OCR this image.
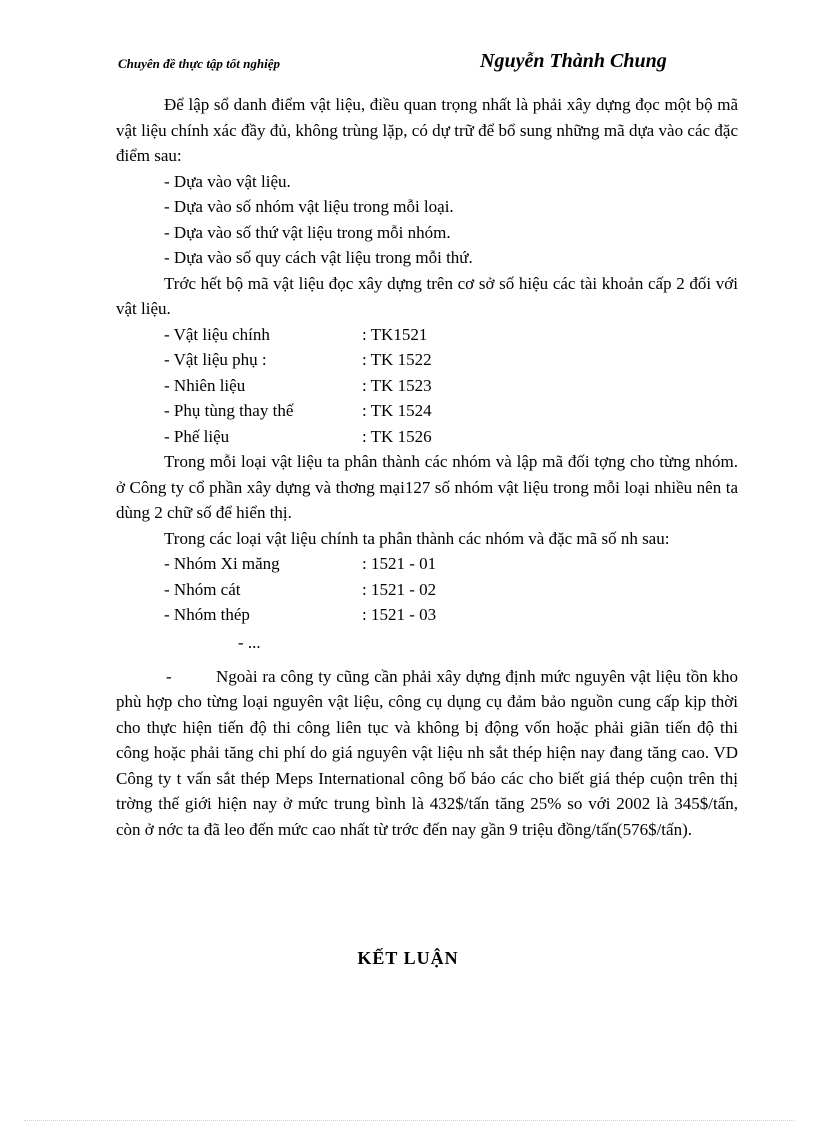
Chuyên đề thực tập tốt nghiệp	Nguyễn Thành Chung

Để lập sổ danh điểm vật liệu, điều quan trọng nhất là phải xây dựng đọc một bộ mã vật liệu chính xác đầy đủ, không trùng lặp, có dự trữ để bổ sung những mã dựa vào các đặc điểm sau:

- Dựa vào vật liệu.
- Dựa vào số nhóm vật liệu trong mỗi loại.
- Dựa vào số thứ vật liệu trong mỗi nhóm.
- Dựa vào số quy cách vật liệu trong mỗi thứ.

Trớc hết bộ mã vật liệu đọc xây dựng trên cơ sở số hiệu các tài khoản cấp 2 đối với vật liệu.

- Vật liệu chính	: TK1521
- Vật liệu phụ :	: TK 1522
- Nhiên liệu	: TK 1523
- Phụ tùng thay thế	: TK 1524
- Phế liệu	: TK 1526

Trong mỗi loại vật liệu ta phân thành các nhóm và lập mã đối tợng cho từng nhóm. ở Công ty cổ phần xây dựng và thơng mại127 số nhóm vật liệu trong mỗi loại nhiều nên ta dùng 2 chữ số để hiển thị.

Trong các loại vật liệu chính ta phân thành các nhóm và đặc mã số nh sau:

- Nhóm Xi măng	: 1521 - 01
- Nhóm cát	: 1521 - 02
- Nhóm thép	: 1521 - 03
- ...

-	Ngoài ra công ty cũng cần phải xây dựng định mức nguyên vật liệu tồn kho phù hợp cho từng loại nguyên vật liệu, công cụ dụng cụ đảm bảo nguồn cung cấp kịp thời cho thực hiện tiến độ thi công liên tục và không bị động vốn hoặc phải giãn tiến độ thi công hoặc phải tăng chi phí do giá nguyên vật liệu nh sắt thép hiện nay đang tăng cao. VD Công ty t vấn sắt thép Meps International công bố báo các cho biết giá thép cuộn trên thị trờng thế giới hiện nay ở mức trung bình là 432$/tấn tăng 25% so với 2002 là 345$/tấn, còn ở nớc ta đã leo đến mức cao nhất từ trớc đến nay gần 9 triệu đồng/tấn(576$/tấn).

KẾT LUẬN
